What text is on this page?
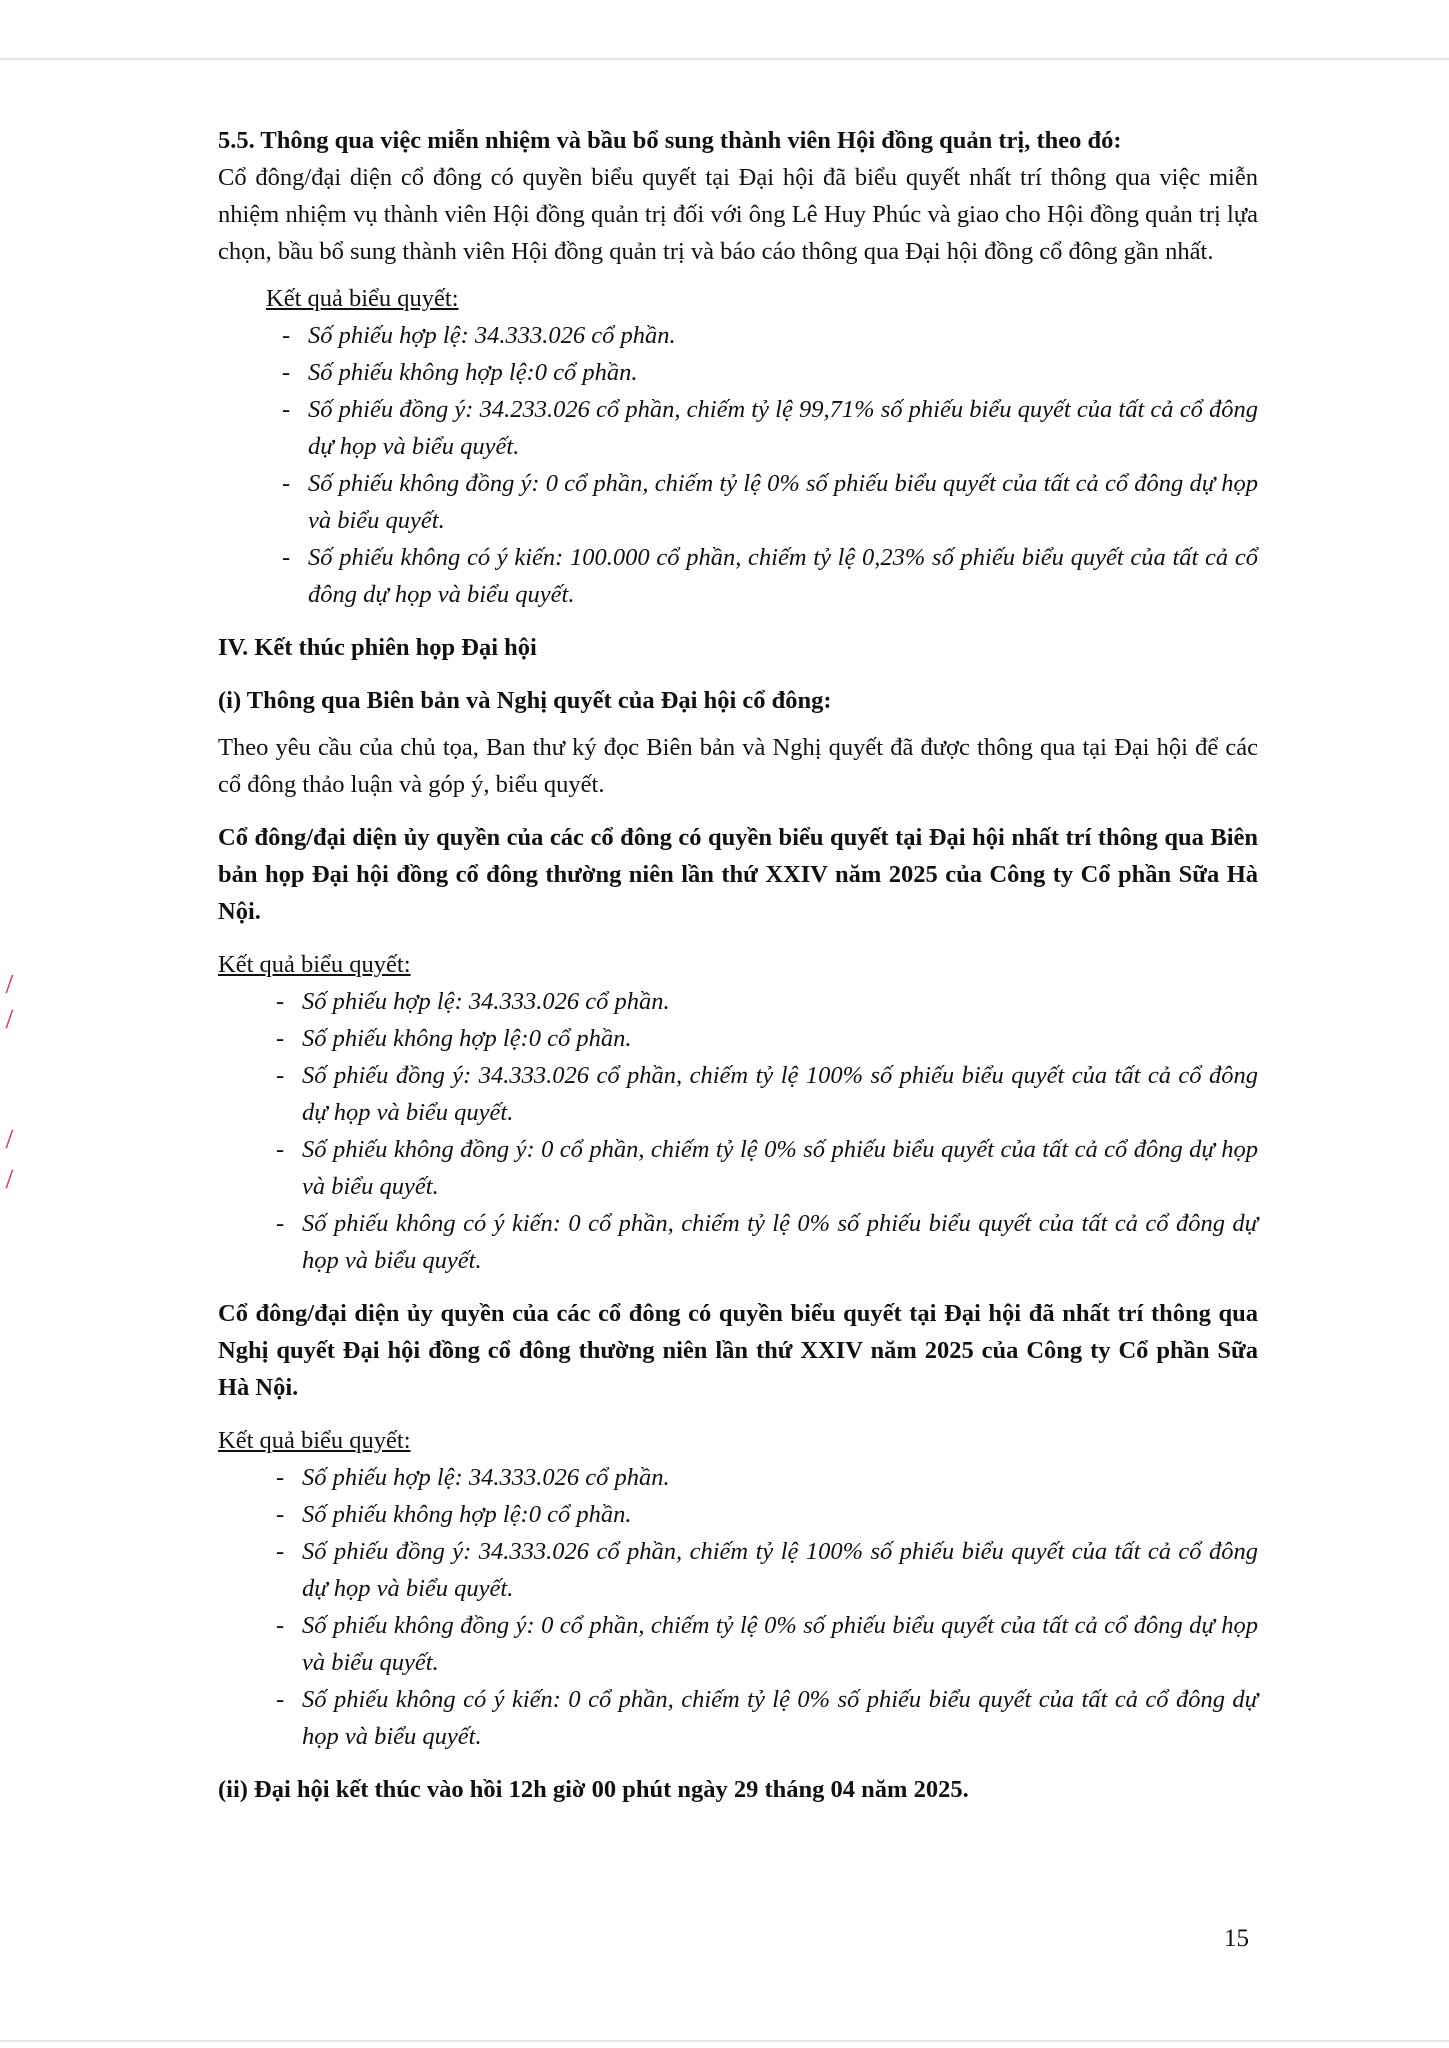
⁄
⁄
⁄
⁄

5.5. Thông qua việc miễn nhiệm và bầu bổ sung thành viên Hội đồng quản trị, theo đó:

Cổ đông/đại diện cổ đông có quyền biểu quyết tại Đại hội đã biểu quyết nhất trí thông qua việc miễn nhiệm nhiệm vụ thành viên Hội đồng quản trị đối với ông Lê Huy Phúc và giao cho Hội đồng quản trị lựa chọn, bầu bổ sung thành viên Hội đồng quản trị và báo cáo thông qua Đại hội đồng cổ đông gần nhất.

Kết quả biểu quyết:

- Số phiếu hợp lệ: 34.333.026 cổ phần.
- Số phiếu không hợp lệ:0 cổ phần.
- Số phiếu đồng ý: 34.233.026 cổ phần, chiếm tỷ lệ 99,71% số phiếu biểu quyết của tất cả cổ đông dự họp và biểu quyết.
- Số phiếu không đồng ý: 0 cổ phần, chiếm tỷ lệ 0% số phiếu biểu quyết của tất cả cổ đông dự họp và biểu quyết.
- Số phiếu không có ý kiến: 100.000 cổ phần, chiếm tỷ lệ 0,23% số phiếu biểu quyết của tất cả cổ đông dự họp và biểu quyết.

IV. Kết thúc phiên họp Đại hội

(i) Thông qua Biên bản và Nghị quyết của Đại hội cổ đông:

Theo yêu cầu của chủ tọa, Ban thư ký đọc Biên bản và Nghị quyết đã được thông qua tại Đại hội để các cổ đông thảo luận và góp ý, biểu quyết.

Cổ đông/đại diện ủy quyền của các cổ đông có quyền biểu quyết tại Đại hội nhất trí thông qua Biên bản họp Đại hội đồng cổ đông thường niên lần thứ XXIV năm 2025 của Công ty Cổ phần Sữa Hà Nội.

Kết quả biểu quyết:

- Số phiếu hợp lệ: 34.333.026 cổ phần.
- Số phiếu không hợp lệ:0 cổ phần.
- Số phiếu đồng ý: 34.333.026 cổ phần, chiếm tỷ lệ 100% số phiếu biểu quyết của tất cả cổ đông dự họp và biểu quyết.
- Số phiếu không đồng ý: 0 cổ phần, chiếm tỷ lệ 0% số phiếu biểu quyết của tất cả cổ đông dự họp và biểu quyết.
- Số phiếu không có ý kiến: 0 cổ phần, chiếm tỷ lệ 0% số phiếu biểu quyết của tất cả cổ đông dự họp và biểu quyết.

Cổ đông/đại diện ủy quyền của các cổ đông có quyền biểu quyết tại Đại hội đã nhất trí thông qua Nghị quyết Đại hội đồng cổ đông thường niên lần thứ XXIV năm 2025 của Công ty Cổ phần Sữa Hà Nội.

Kết quả biểu quyết:

- Số phiếu hợp lệ: 34.333.026 cổ phần.
- Số phiếu không hợp lệ:0 cổ phần.
- Số phiếu đồng ý: 34.333.026 cổ phần, chiếm tỷ lệ 100% số phiếu biểu quyết của tất cả cổ đông dự họp và biểu quyết.
- Số phiếu không đồng ý: 0 cổ phần, chiếm tỷ lệ 0% số phiếu biểu quyết của tất cả cổ đông dự họp và biểu quyết.
- Số phiếu không có ý kiến: 0 cổ phần, chiếm tỷ lệ 0% số phiếu biểu quyết của tất cả cổ đông dự họp và biểu quyết.

(ii) Đại hội kết thúc vào hồi 12h giờ 00 phút ngày 29 tháng 04 năm 2025.

15
